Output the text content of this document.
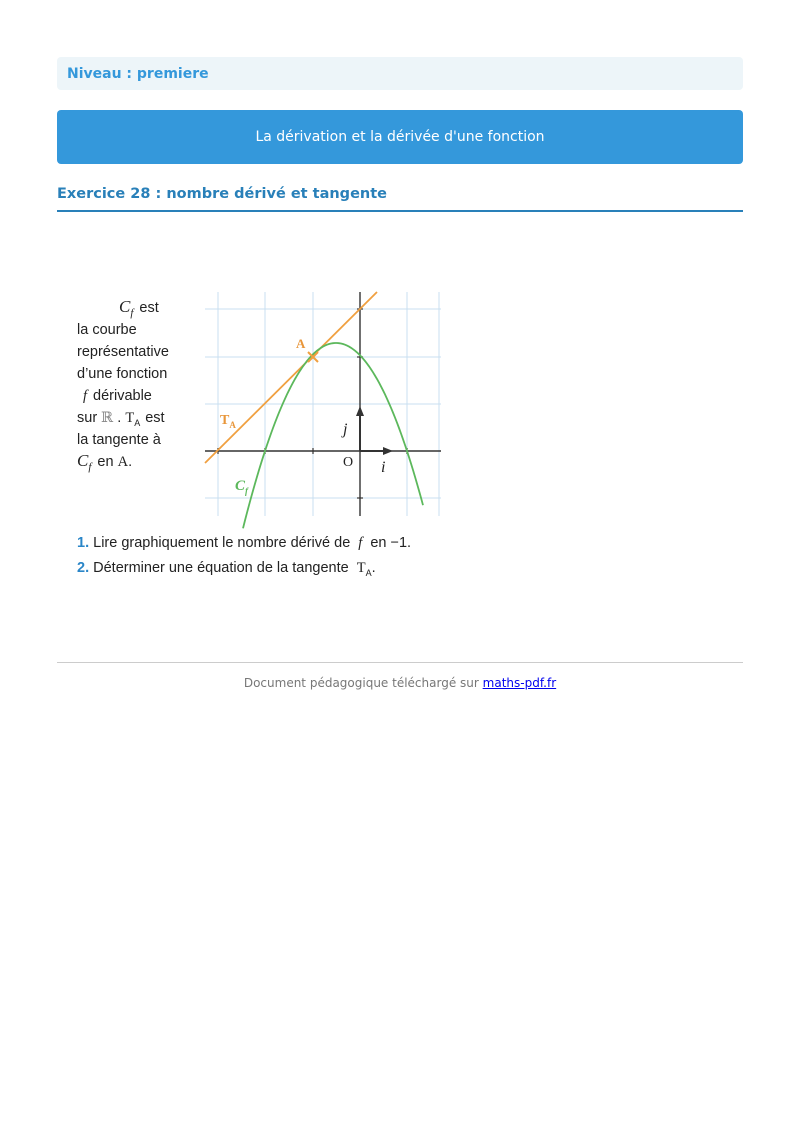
Niveau : premiere
La dérivation et la dérivée d'une fonction
Exercice 28 : nombre dérivé et tangente
$C_f$ est
la courbe
représentative
d’une fonction
f dérivable
sur ℝ . $T_A$ est
la tangente à
$C_f$ en A.
A
$T_A$
$C_f$
O i
j
1. Lire graphiquement le nombre dérivé de f en −1.
2. Déterminer une équation de la tangente $T_A$.
Document pédagogique téléchargé sur maths-pdf.fr
